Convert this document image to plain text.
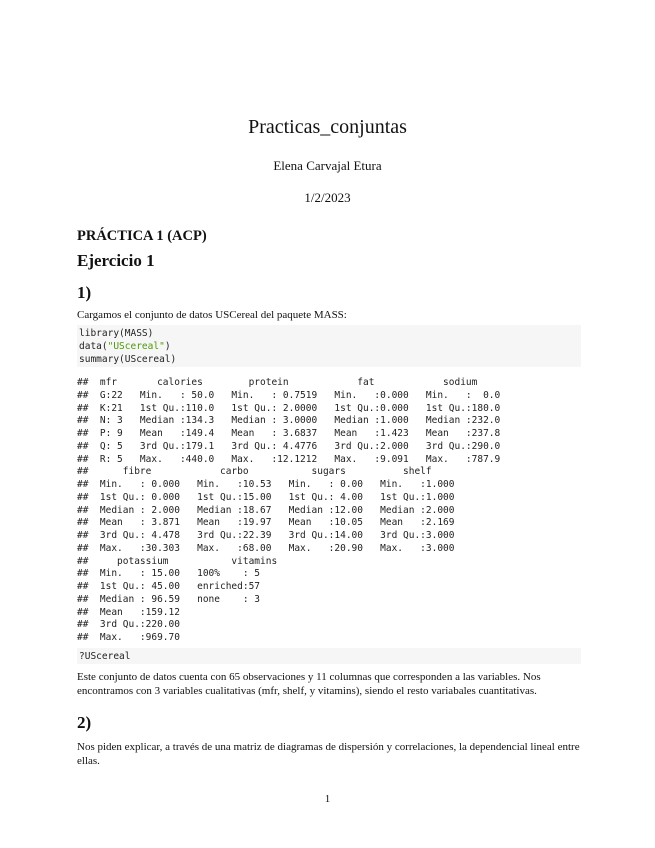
Practicas_conjuntas
Elena Carvajal Etura
1/2/2023
PRÁCTICA 1 (ACP)
Ejercicio 1
1)
Cargamos el conjunto de datos USCereal del paquete MASS:
library(MASS)
data("UScereal")
summary(UScereal)
##  mfr       calories        protein            fat            sodium
##  G:22   Min.   : 50.0   Min.   : 0.7519   Min.   :0.000   Min.   :  0.0
##  K:21   1st Qu.:110.0   1st Qu.: 2.0000   1st Qu.:0.000   1st Qu.:180.0
##  N: 3   Median :134.3   Median : 3.0000   Median :1.000   Median :232.0
##  P: 9   Mean   :149.4   Mean   : 3.6837   Mean   :1.423   Mean   :237.8
##  Q: 5   3rd Qu.:179.1   3rd Qu.: 4.4776   3rd Qu.:2.000   3rd Qu.:290.0
##  R: 5   Max.   :440.0   Max.   :12.1212   Max.   :9.091   Max.   :787.9
##      fibre            carbo           sugars          shelf
##  Min.   : 0.000   Min.   :10.53   Min.   : 0.00   Min.   :1.000
##  1st Qu.: 0.000   1st Qu.:15.00   1st Qu.: 4.00   1st Qu.:1.000
##  Median : 2.000   Median :18.67   Median :12.00   Median :2.000
##  Mean   : 3.871   Mean   :19.97   Mean   :10.05   Mean   :2.169
##  3rd Qu.: 4.478   3rd Qu.:22.39   3rd Qu.:14.00   3rd Qu.:3.000
##  Max.   :30.303   Max.   :68.00   Max.   :20.90   Max.   :3.000
##     potassium           vitamins
##  Min.   : 15.00   100%    : 5
##  1st Qu.: 45.00   enriched:57
##  Median : 96.59   none    : 3
##  Mean   :159.12
##  3rd Qu.:220.00
##  Max.   :969.70
?UScereal
Este conjunto de datos cuenta con 65 observaciones y 11 columnas que corresponden a las variables. Nos encontramos con 3 variables cualitativas (mfr, shelf, y vitamins), siendo el resto variabales cuantitativas.
2)
Nos piden explicar, a través de una matriz de diagramas de dispersión y correlaciones, la dependencial lineal entre ellas.
1
